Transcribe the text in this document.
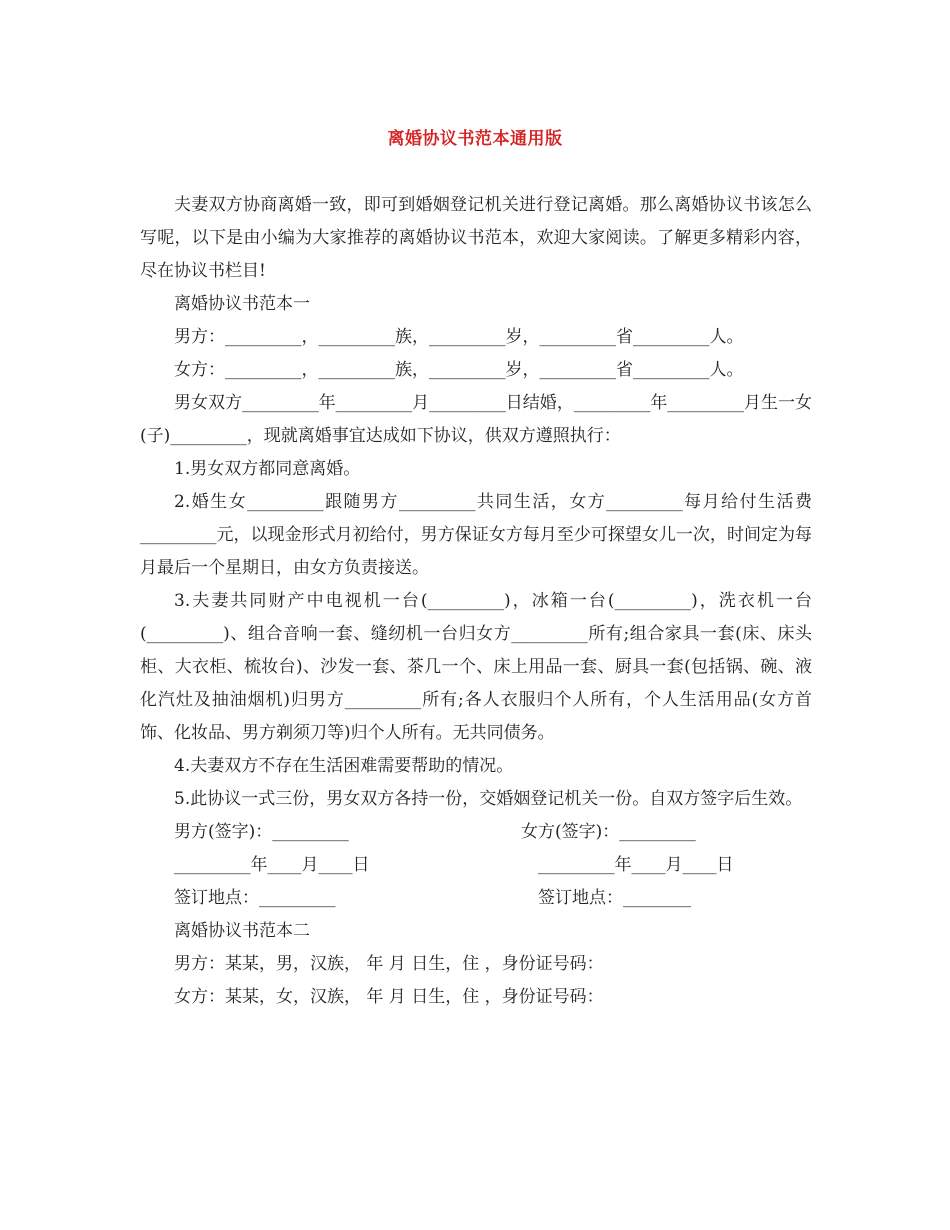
离婚协议书范本通用版

夫妻双方协商离婚一致，即可到婚姻登记机关进行登记离婚。那么离婚协议书该怎么写呢，以下是由小编为大家推荐的离婚协议书范本，欢迎大家阅读。了解更多精彩内容，尽在协议书栏目!

离婚协议书范本一

男方：_________，_________族，_________岁，_________省_________人。

女方：_________，_________族，_________岁，_________省_________人。

男女双方_________年_________月_________日结婚，_________年_________月生一女(子)_________，现就离婚事宜达成如下协议，供双方遵照执行：

1.男女双方都同意离婚。

2.婚生女_________跟随男方_________共同生活，女方_________每月给付生活费_________元，以现金形式月初给付，男方保证女方每月至少可探望女儿一次，时间定为每月最后一个星期日，由女方负责接送。

3.夫妻共同财产中电视机一台(_________)，冰箱一台(_________)，洗衣机一台(_________)、组合音响一套、缝纫机一台归女方_________所有;组合家具一套(床、床头柜、大衣柜、梳妆台)、沙发一套、茶几一个、床上用品一套、厨具一套(包括锅、碗、液化汽灶及抽油烟机)归男方_________所有;各人衣服归个人所有，个人生活用品(女方首饰、化妆品、男方剃须刀等)归个人所有。无共同债务。

4.夫妻双方不存在生活困难需要帮助的情况。

5.此协议一式三份，男女双方各持一份，交婚姻登记机关一份。自双方签字后生效。

男方(签字)：_________	女方(签字)：_________
_________年____月____日	_________年____月____日
签订地点：_________	签订地点：________

离婚协议书范本二

男方：某某，男，汉族， 年 月 日生，住 ，身份证号码：

女方：某某，女，汉族， 年 月 日生，住 ，身份证号码：
